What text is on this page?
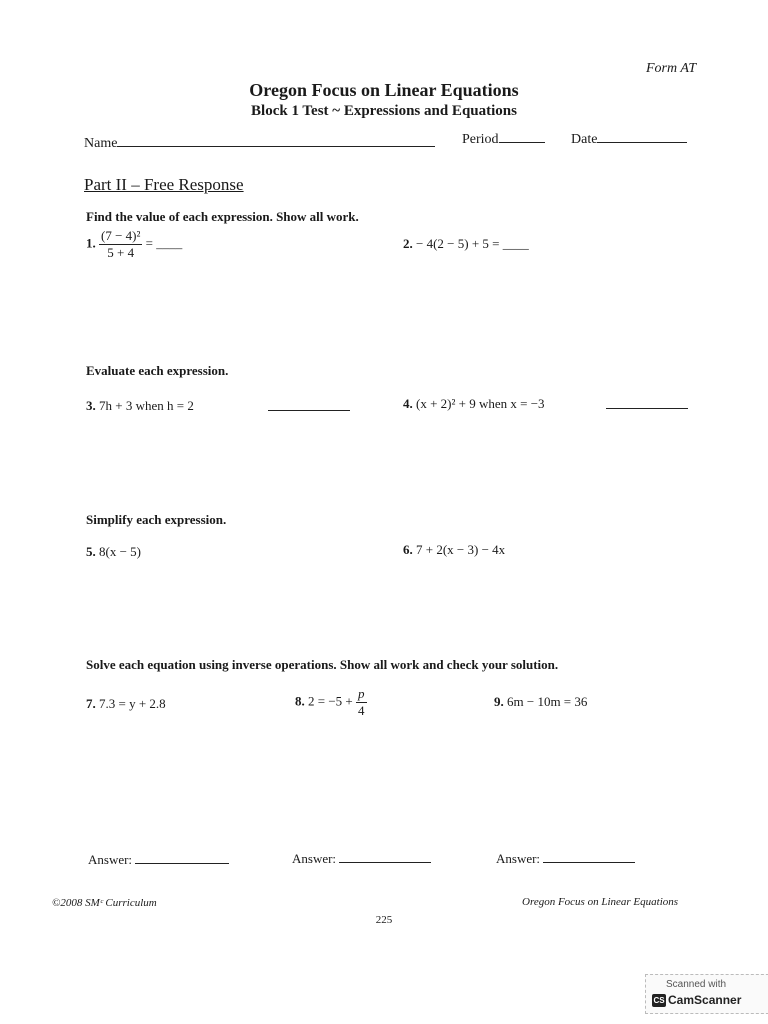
Form AT
Oregon Focus on Linear Equations
Block 1 Test ~ Expressions and Equations
Name	Period	Date
Part II – Free Response
Find the value of each expression. Show all work.
1. $\frac{\text{(7 − 4)²}}{5 + 4}$ = ____	2. − 4(2 − 5) + 5 = ____
Evaluate each expression.
3. 7h + 3 when h = 2	4. (x + 2)² + 9 when x = −3
Simplify each expression.
5. 8(x − 5)	6. 7 + 2(x − 3) − 4x
Solve each equation using inverse operations. Show all work and check your solution.
7. 7.3 = y + 2.8	8. $2 = -5 + \frac{p}{4}$	9. 6m − 10m = 36
Answer:	Answer:	Answer:
©2008 SMᶜ Curriculum	Oregon Focus on Linear Equations
225
Scanned with
CS CamScanner
